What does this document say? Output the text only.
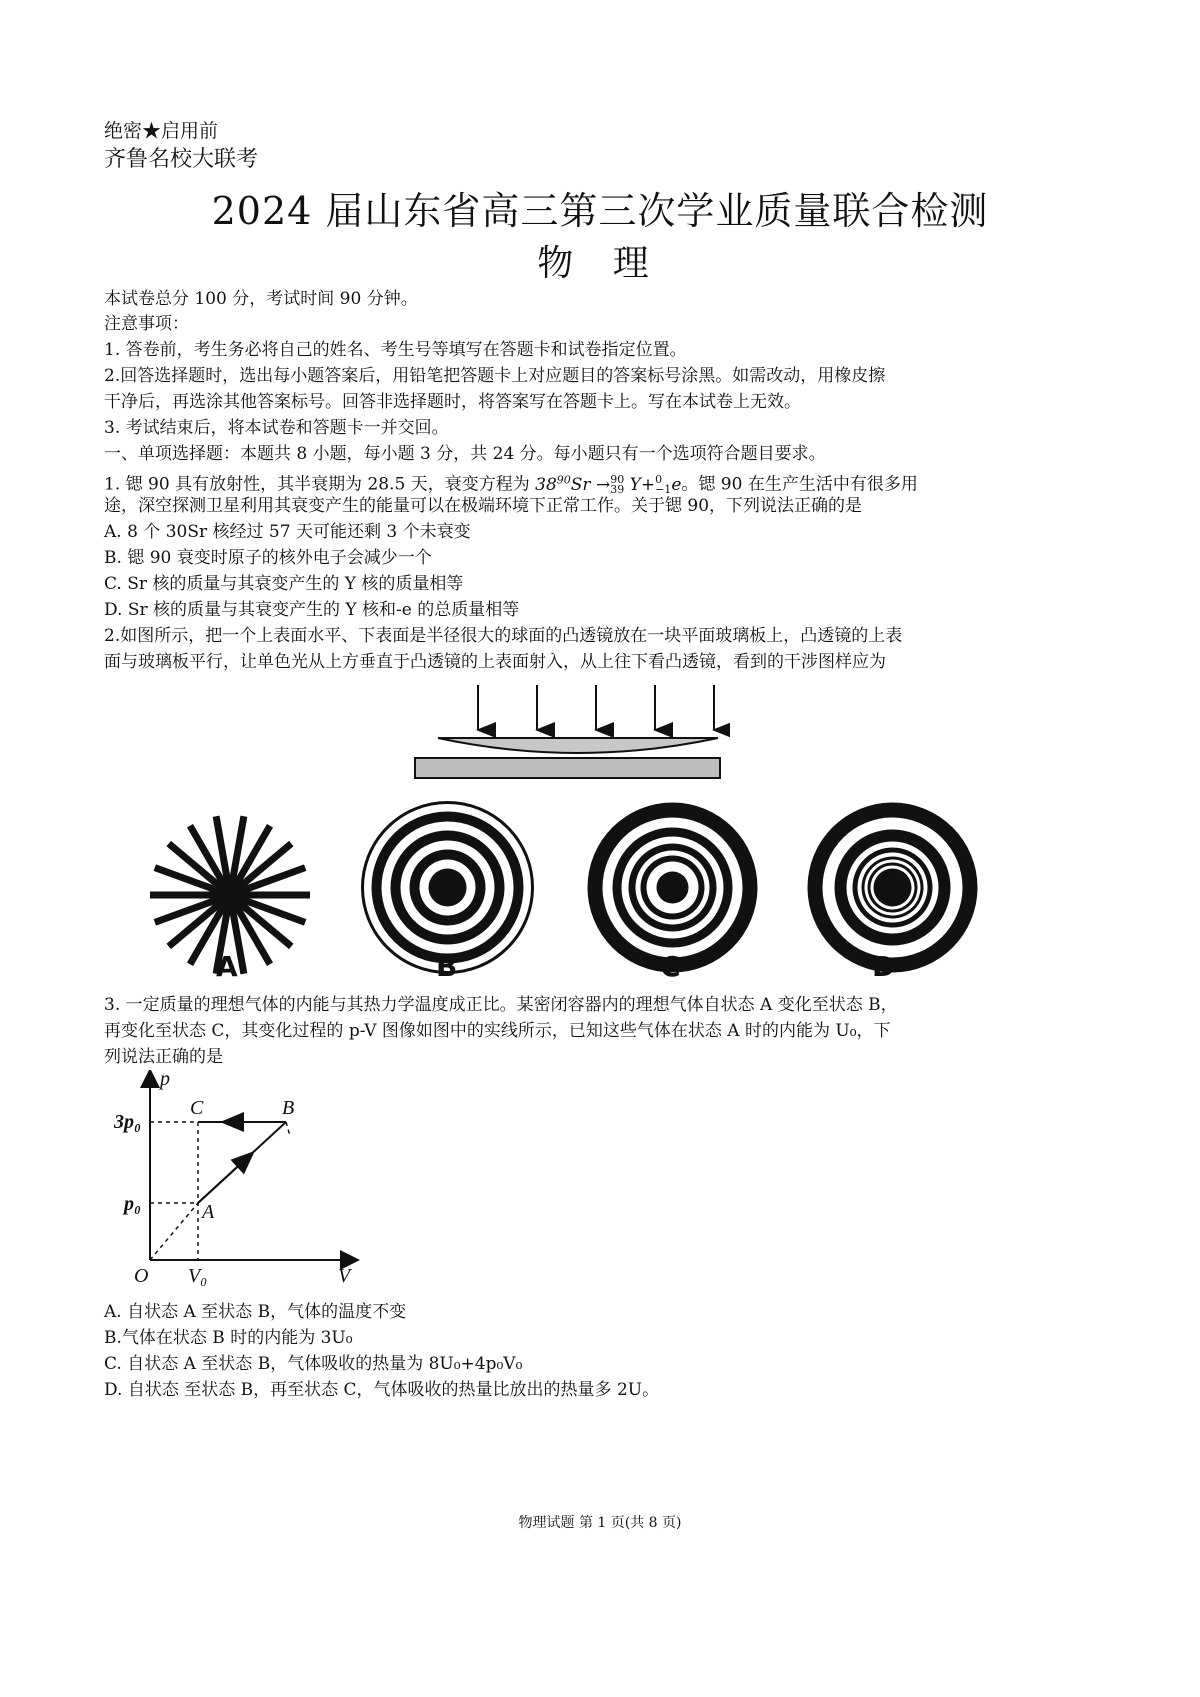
绝密★启用前
齐鲁名校大联考
2024 届山东省高三第三次学业质量联合检测
物 理
本试卷总分 100 分，考试时间 90 分钟。
注意事项：
1. 答卷前，考生务必将自己的姓名、考生号等填写在答题卡和试卷指定位置。
2.回答选择题时，选出每小题答案后，用铅笔把答题卡上对应题目的答案标号涂黑。如需改动，用橡皮擦
干净后，再选涂其他答案标号。回答非选择题时，将答案写在答题卡上。写在本试卷上无效。
3. 考试结束后，将本试卷和答题卡一并交回。
一、单项选择题：本题共 8 小题，每小题 3 分，共 24 分。每小题只有一个选项符合题目要求。
1. 锶 90 具有放射性，其半衰期为 28.5 天，衰变方程为 $38^{90}Sr \to 90$
39 Y+0
−1e。锶 90 在生产生活中有很多用
途，深空探测卫星利用其衰变产生的能量可以在极端环境下正常工作。关于锶 90，下列说法正确的是
A. 8 个 30Sr 核经过 57 天可能还剩 3 个未衰变
B. 锶 90 衰变时原子的核外电子会减少一个
C. Sr 核的质量与其衰变产生的 Y 核的质量相等
D. Sr 核的质量与其衰变产生的 Y 核和-e 的总质量相等
2.如图所示，把一个上表面水平、下表面是半径很大的球面的凸透镜放在一块平面玻璃板上，凸透镜的上表
面与玻璃板平行，让单色光从上方垂直于凸透镜的上表面射入，从上往下看凸透镜，看到的干涉图样应为
A	B	C	D
3. 一定质量的理想气体的内能与其热力学温度成正比。某密闭容器内的理想气体自状态 A 变化至状态 B，
再变化至状态 C，其变化过程的 p-V 图像如图中的实线所示，已知这些气体在状态 A 时的内能为 U₀，下
列说法正确的是
p
V
O
3p₀
p₀
V₀
A
B
C
A. 自状态 A 至状态 B，气体的温度不变
B.气体在状态 B 时的内能为 3U₀
C. 自状态 A 至状态 B，气体吸收的热量为 8U₀+4p₀V₀
D. 自状态 至状态 B，再至状态 C，气体吸收的热量比放出的热量多 2U。
物理试题 第 1 页(共 8 页)
